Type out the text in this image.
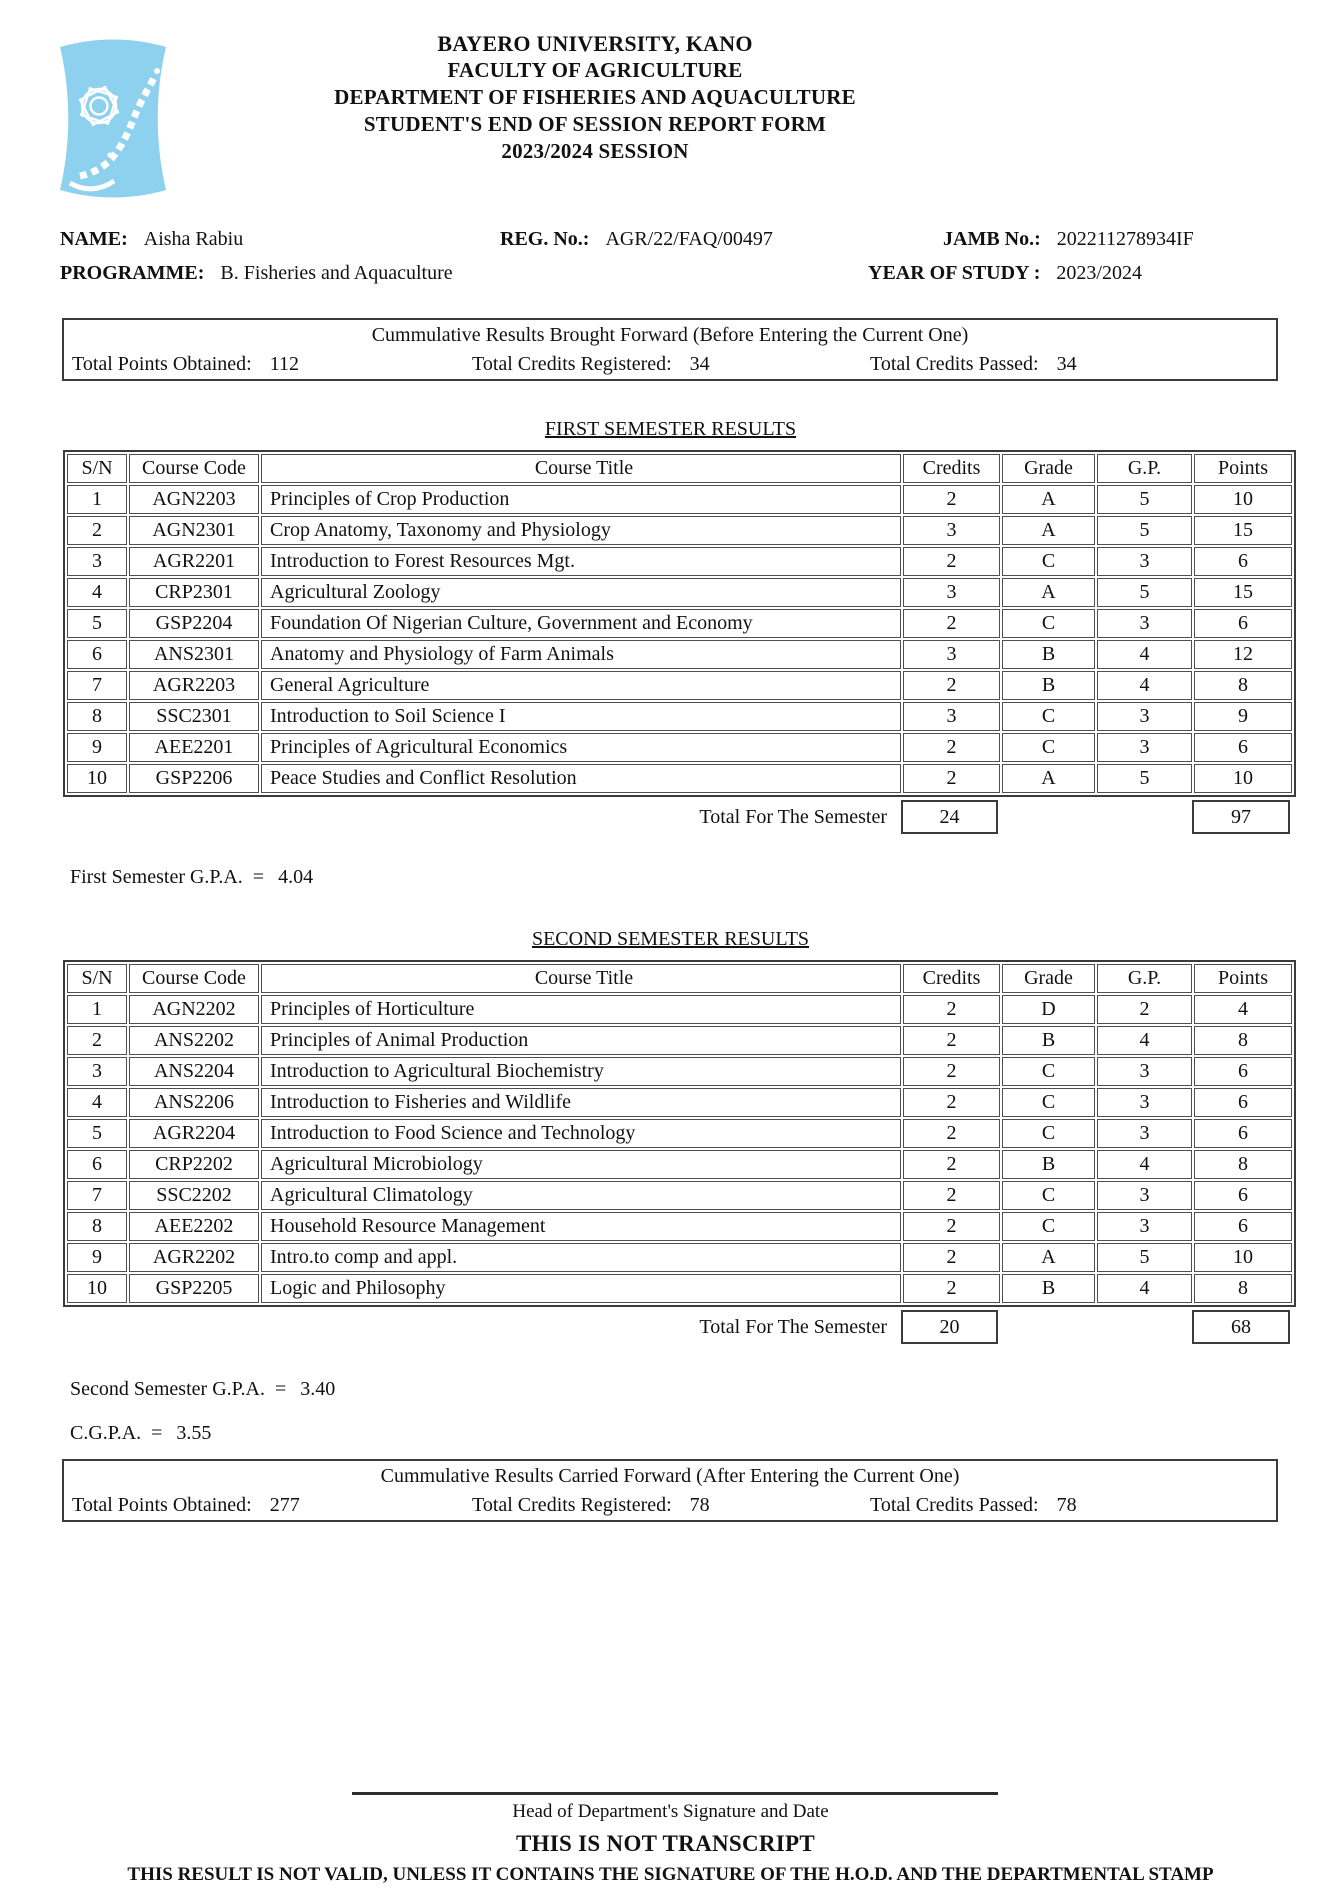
BAYERO UNIVERSITY, KANO
FACULTY OF AGRICULTURE
DEPARTMENT OF FISHERIES AND AQUACULTURE
STUDENT'S END OF SESSION REPORT FORM
2023/2024 SESSION
NAME: Aisha Rabiu	REG. No.: AGR/22/FAQ/00497	JAMB No.: 202211278934IF
PROGRAMME: B. Fisheries and Aquaculture	YEAR OF STUDY : 2023/2024
Cummulative Results Brought Forward (Before Entering the Current One)
Total Points Obtained: 112	Total Credits Registered: 34	Total Credits Passed: 34
FIRST SEMESTER RESULTS
S/N	Course Code	Course Title	Credits	Grade	G.P.	Points
1	AGN2203	Principles of Crop Production	2	A	5	10
2	AGN2301	Crop Anatomy, Taxonomy and Physiology	3	A	5	15
3	AGR2201	Introduction to Forest Resources Mgt.	2	C	3	6
4	CRP2301	Agricultural Zoology	3	A	5	15
5	GSP2204	Foundation Of Nigerian Culture, Government and Economy	2	C	3	6
6	ANS2301	Anatomy and Physiology of Farm Animals	3	B	4	12
7	AGR2203	General Agriculture	2	B	4	8
8	SSC2301	Introduction to Soil Science I	3	C	3	9
9	AEE2201	Principles of Agricultural Economics	2	C	3	6
10	GSP2206	Peace Studies and Conflict Resolution	2	A	5	10
Total For The Semester	24			97
First Semester G.P.A. = 4.04
SECOND SEMESTER RESULTS
S/N	Course Code	Course Title	Credits	Grade	G.P.	Points
1	AGN2202	Principles of Horticulture	2	D	2	4
2	ANS2202	Principles of Animal Production	2	B	4	8
3	ANS2204	Introduction to Agricultural Biochemistry	2	C	3	6
4	ANS2206	Introduction to Fisheries and Wildlife	2	C	3	6
5	AGR2204	Introduction to Food Science and Technology	2	C	3	6
6	CRP2202	Agricultural Microbiology	2	B	4	8
7	SSC2202	Agricultural Climatology	2	C	3	6
8	AEE2202	Household Resource Management	2	C	3	6
9	AGR2202	Intro.to comp and appl.	2	A	5	10
10	GSP2205	Logic and Philosophy	2	B	4	8
Total For The Semester	20			68
Second Semester G.P.A. = 3.40
C.G.P.A. = 3.55
Cummulative Results Carried Forward (After Entering the Current One)
Total Points Obtained: 277	Total Credits Registered: 78	Total Credits Passed: 78
Head of Department's Signature and Date
THIS IS NOT TRANSCRIPT
THIS RESULT IS NOT VALID, UNLESS IT CONTAINS THE SIGNATURE OF THE H.O.D. AND THE DEPARTMENTAL STAMP
